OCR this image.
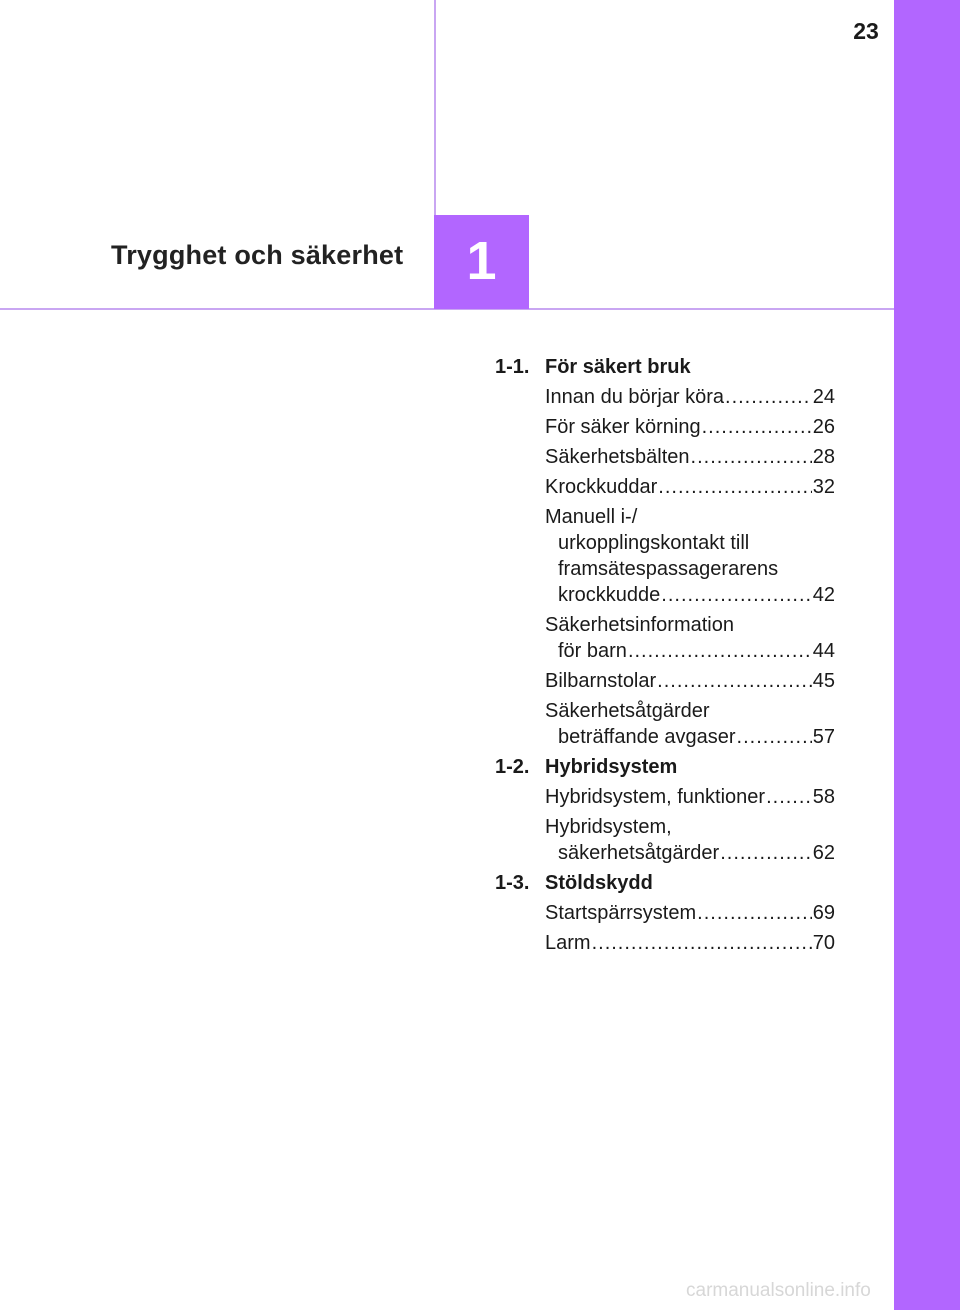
23
Trygghet och säkerhet	1
1-1. För säkert bruk
Innan du börjar köra .....	24
För säker körning .....	26
Säkerhetsbälten .....	28
Krockkuddar .....	32
Manuell i-/
urkopplingskontakt till
framsätespassagerarens
krockkudde .....	42
Säkerhetsinformation
för barn .....	44
Bilbarnstolar .....	45
Säkerhetsåtgärder
beträffande avgaser .....	57
1-2. Hybridsystem
Hybridsystem, funktioner ..... 58
Hybridsystem,
säkerhetsåtgärder .....	62
1-3. Stöldskydd
Startspärrsystem .....	69
Larm .....	70
carmanualsonline.info
